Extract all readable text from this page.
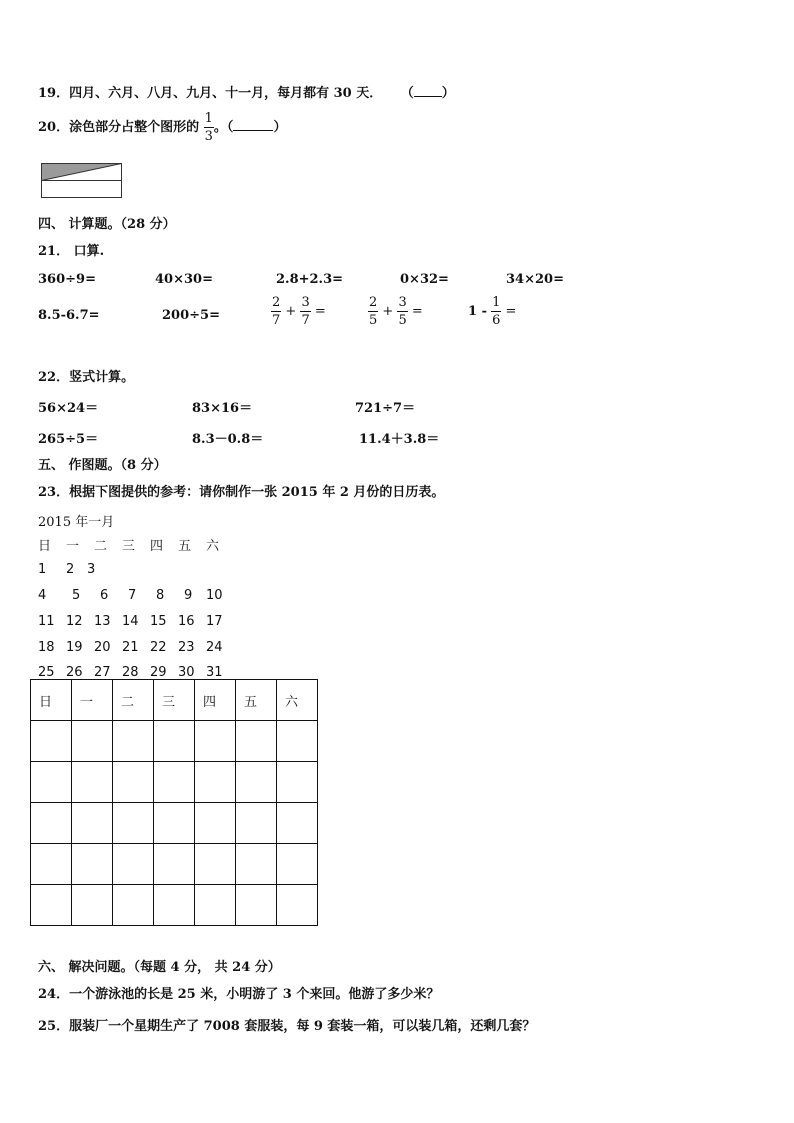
19．四月、六月、八月、九月、十一月，每月都有 30 天． （ ）
20．涂色部分占整个图形的 $\frac{1}{3}$ 。（	）
四、 计算题。（28 分）
21． 口算.
360÷9=	40×30=	2.8+2.3=	0×32=	34×20=
8.5-6.7=	200÷5=	$\frac{2}{7} + \frac{3}{7}$ =	$\frac{2}{5} + \frac{3}{5}$ =	$1 - \frac{1}{6}$ =
22．竖式计算。
56×24＝	83×16＝	721÷7＝
265÷5＝	8.3－0.8＝	11.4＋3.8＝
五、 作图题。（8 分）
23．根据下图提供的参考：请你制作一张 2015 年 2 月份的日历表。
2015 年一月
日 一 二 三 四 五 六
1 2 3
4 5 6 7 8 9 10
11 12 13 14 15 16 17
18 19 20 21 22 23 24
25 26 27 28 29 30 31
日	一	二	三	四	五	六

六、 解决问题。（每题 4 分， 共 24 分）
24．一个游泳池的长是 25 米，小明游了 3 个来回。他游了多少米？
25．服装厂一个星期生产了 7008 套服装，每 9 套装一箱，可以装几箱，还剩几套？
